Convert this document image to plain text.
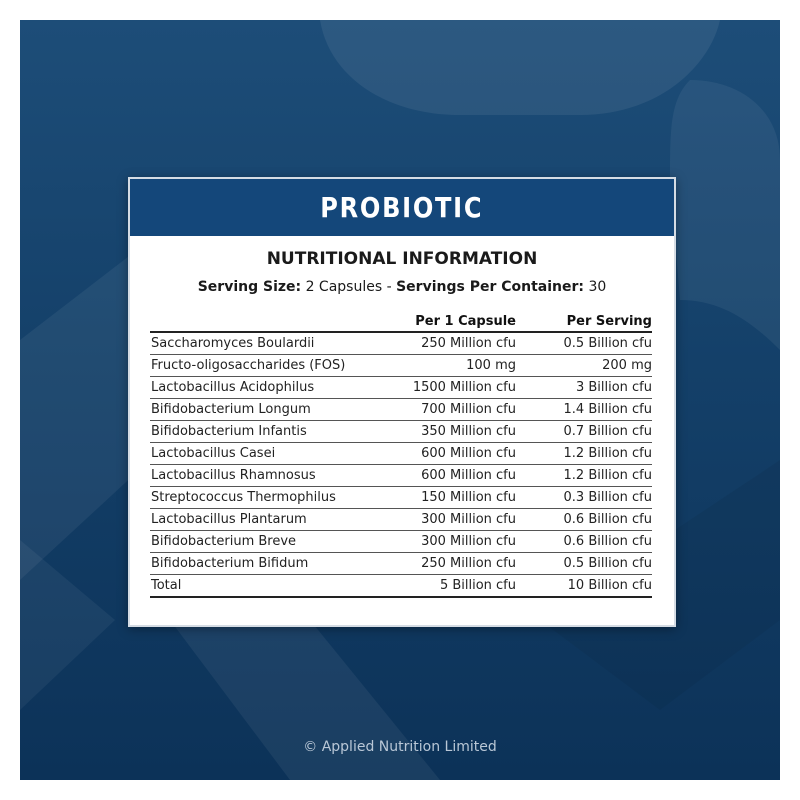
PROBIOTIC
NUTRITIONAL INFORMATION
Serving Size: 2 Capsules - Servings Per Container: 30
	Per 1 Capsule	Per Serving
Saccharomyces Boulardii	250 Million cfu	0.5 Billion cfu
Fructo-oligosaccharides (FOS)	100 mg	200 mg
Lactobacillus Acidophilus	1500 Million cfu	3 Billion cfu
Bifidobacterium Longum	700 Million cfu	1.4 Billion cfu
Bifidobacterium Infantis	350 Million cfu	0.7 Billion cfu
Lactobacillus Casei	600 Million cfu	1.2 Billion cfu
Lactobacillus Rhamnosus	600 Million cfu	1.2 Billion cfu
Streptococcus Thermophilus	150 Million cfu	0.3 Billion cfu
Lactobacillus Plantarum	300 Million cfu	0.6 Billion cfu
Bifidobacterium Breve	300 Million cfu	0.6 Billion cfu
Bifidobacterium Bifidum	250 Million cfu	0.5 Billion cfu
Total	5 Billion cfu	10 Billion cfu
© Applied Nutrition Limited
